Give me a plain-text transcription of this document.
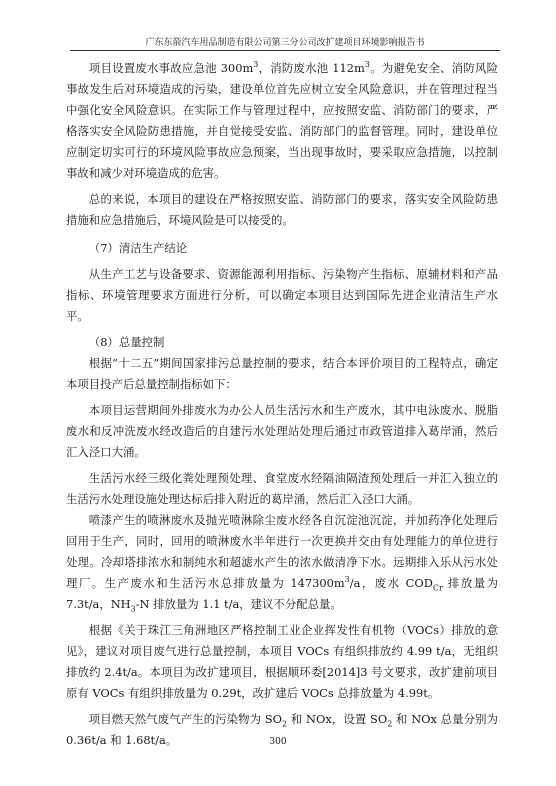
广东东箭汽车用品制造有限公司第三分公司改扩建项目环境影响报告书

项目设置废水事故应急池 $300m^3$，消防废水池 $112m^3$。为避免安全、消防风险事故发生后对环境造成的污染，建设单位首先应树立安全风险意识，并在管理过程当中强化安全风险意识。在实际工作与管理过程中，应按照安监、消防部门的要求，严格落实安全风险防患措施，并自觉接受安监、消防部门的监督管理。同时，建设单位应制定切实可行的环境风险事故应急预案，当出现事故时，要采取应急措施，以控制事故和减少对环境造成的危害。

总的来说，本项目的建设在严格按照安监、消防部门的要求，落实安全风险防患措施和应急措施后，环境风险是可以接受的。

（7）清洁生产结论

从生产工艺与设备要求、资源能源利用指标、污染物产生指标、原辅材料和产品指标、环境管理要求方面进行分析，可以确定本项目达到国际先进企业清洁生产水平。

（8）总量控制

根据“十二五”期间国家排污总量控制的要求，结合本评价项目的工程特点，确定本项目投产后总量控制指标如下：

本项目运营期间外排废水为办公人员生活污水和生产废水，其中电泳废水、脱脂废水和反冲洗废水经改造后的自建污水处理站处理后通过市政管道排入葛岸涌，然后汇入泾口大涌。

生活污水经三级化粪处理预处理、食堂废水经隔油隔渣预处理后一并汇入独立的生活污水处理设施处理达标后排入附近的葛岸涌，然后汇入泾口大涌。

喷漆产生的喷淋废水及抛光喷淋除尘废水经各自沉淀池沉淀，并加药净化处理后回用于生产，同时，回用的喷淋废水半年进行一次更换并交由有处理能力的单位进行处理。冷却塔排浓水和制纯水和超滤水产生的浓水做清净下水。远期排入乐从污水处理厂。生产废水和生活污水总排放量为 $147300m^3/a$，废水 $COD_{Cr}$ 排放量为 7.3t/a，$NH_3-N$ 排放量为 1.1 t/a，建议不分配总量。

根据《关于珠江三角洲地区严格控制工业企业挥发性有机物（VOCs）排放的意见》，建议对项目废气进行总量控制，本项目 VOCs 有组织排放约 4.99 t/a，无组织排放约 2.4t/a。本项目为改扩建项目，根据顺环委[2014]3 号文要求，改扩建前项目原有 VOCs 有组织排放量为 0.29t，改扩建后 VOCs 总排放量为 4.99t。

项目燃天然气废气产生的污染物为 $SO_2$ 和 NOx，设置 $SO_2$ 和 NOx 总量分别为 0.36t/a 和 1.68t/a。	300
